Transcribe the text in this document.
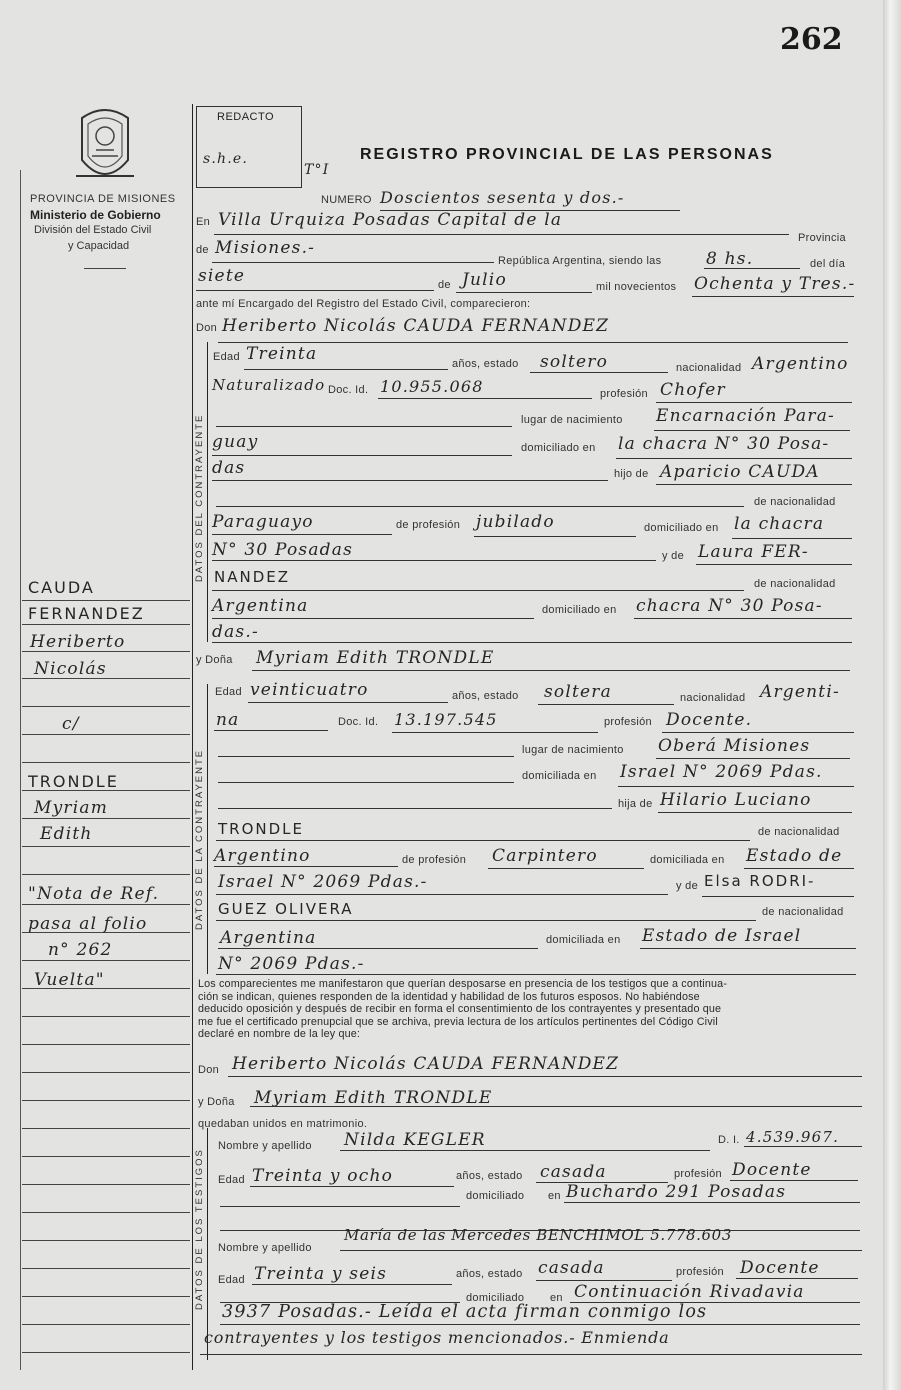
262
PROVINCIA DE MISIONES
Ministerio de Gobierno
División del Estado Civil
y Capacidad
REDACTO
s.h.e.
T°I
REGISTRO PROVINCIAL DE LAS PERSONAS
DATOS DEL CONTRAYENTE
DATOS DE LA CONTRAYENTE
DATOS DE LOS TESTIGOS
CAUDA
FERNANDEZ
Heriberto
Nicolás
c/
TRONDLE
Myriam
Edith
"Nota de Ref.
pasa al folio
n° 262
Vuelta"
NUMERO Doscientos sesenta y dos.-
En Villa Urquiza Posadas Capital de la
Provincia
de Misiones.-
República Argentina, siendo las	8 hs.	del día
siete	de Julio	mil novecientos Ochenta y Tres.-
ante mí Encargado del Registro del Estado Civil, comparecieron:
Don Heriberto Nicolás CAUDA FERNANDEZ
Edad Treinta	años, estado soltero	nacionalidad Argentino
Naturalizado Doc. Id. 10.955.068	profesión Chofer
lugar de nacimiento Encarnación Para-
guay	domiciliado en la chacra N° 30 Posa-
das	hijo de Aparicio CAUDA
de nacionalidad
Paraguayo	de profesión jubilado	domiciliado en la chacra
N° 30 Posadas	y de Laura FER-
NANDEZ	de nacionalidad
Argentina	domiciliado en chacra N° 30 Posa-
das.-
y Doña Myriam Edith TRONDLE
Edad veinticuatro	años, estado soltera	nacionalidad Argenti-
na	Doc. Id. 13.197.545	profesión Docente.
lugar de nacimiento Oberá Misiones
domiciliada en Israel N° 2069 Pdas.
hija de Hilario Luciano
TRONDLE	de nacionalidad
Argentino	de profesión Carpintero	domiciliada en Estado de
Israel N° 2069 Pdas.-	y de Elsa RODRI-
GUEZ OLIVERA	de nacionalidad
Argentina	domiciliada en Estado de Israel
N° 2069 Pdas.-
Los comparecientes me manifestaron que querían desposarse en presencia de los testigos que a continua-
ción se indican, quienes responden de la identidad y habilidad de los futuros esposos. No habiéndose
deducido oposición y después de recibir en forma el consentimiento de los contrayentes y presentado que
me fue el certificado prenupcial que se archiva, previa lectura de los artículos pertinentes del Código Civil
declaré en nombre de la ley que:
Don Heriberto Nicolás CAUDA FERNANDEZ
y Doña Myriam Edith TRONDLE
quedaban unidos en matrimonio.
Nombre y apellido Nilda KEGLER	D. I. 4.539.967.
Edad Treinta y ocho	años, estado casada	profesión Docente
domiciliado en Buchardo 291 Posadas
Nombre y apellido
María de las Mercedes BENCHIMOL 5.778.603
Edad Treinta y seis	años, estado casada	profesión Docente
domiciliado en Continuación Rivadavia
3937 Posadas.- Leída el acta firman conmigo los
contrayentes y los testigos mencionados.- Enmienda
